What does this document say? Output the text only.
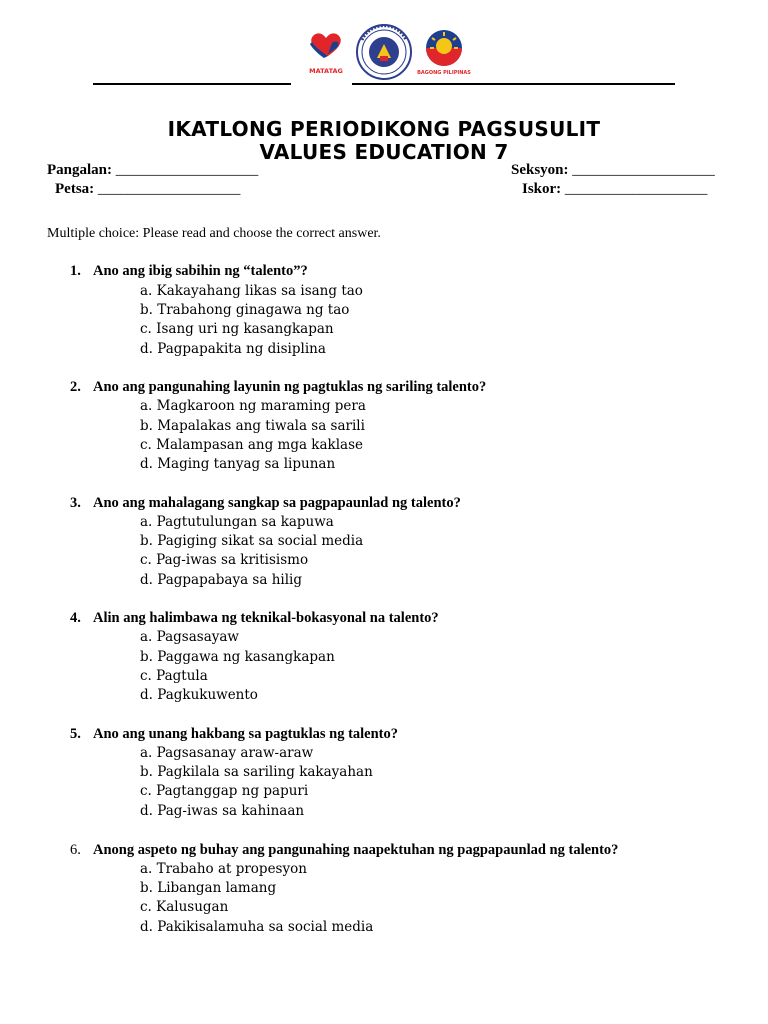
MATATAG	BAGONG PILIPINAS
IKATLONG PERIODIKONG PAGSUSULIT
VALUES EDUCATION 7
Pangalan: ___________________	Seksyon: ___________________
Petsa: ___________________	Iskor: ___________________
Multiple choice: Please read and choose the correct answer.
1. Ano ang ibig sabihin ng “talento”?
a. Kakayahang likas sa isang tao
b. Trabahong ginagawa ng tao
c. Isang uri ng kasangkapan
d. Pagpapakita ng disiplina
2. Ano ang pangunahing layunin ng pagtuklas ng sariling talento?
a. Magkaroon ng maraming pera
b. Mapalakas ang tiwala sa sarili
c. Malampasan ang mga kaklase
d. Maging tanyag sa lipunan
3. Ano ang mahalagang sangkap sa pagpapaunlad ng talento?
a. Pagtutulungan sa kapuwa
b. Pagiging sikat sa social media
c. Pag-iwas sa kritisismo
d. Pagpapabaya sa hilig
4. Alin ang halimbawa ng teknikal-bokasyonal na talento?
a. Pagsasayaw
b. Paggawa ng kasangkapan
c. Pagtula
d. Pagkukuwento
5. Ano ang unang hakbang sa pagtuklas ng talento?
a. Pagsasanay araw-araw
b. Pagkilala sa sariling kakayahan
c. Pagtanggap ng papuri
d. Pag-iwas sa kahinaan
6. Anong aspeto ng buhay ang pangunahing naapektuhan ng pagpapaunlad ng talento?
a. Trabaho at propesyon
b. Libangan lamang
c. Kalusugan
d. Pakikisalamuha sa social media
